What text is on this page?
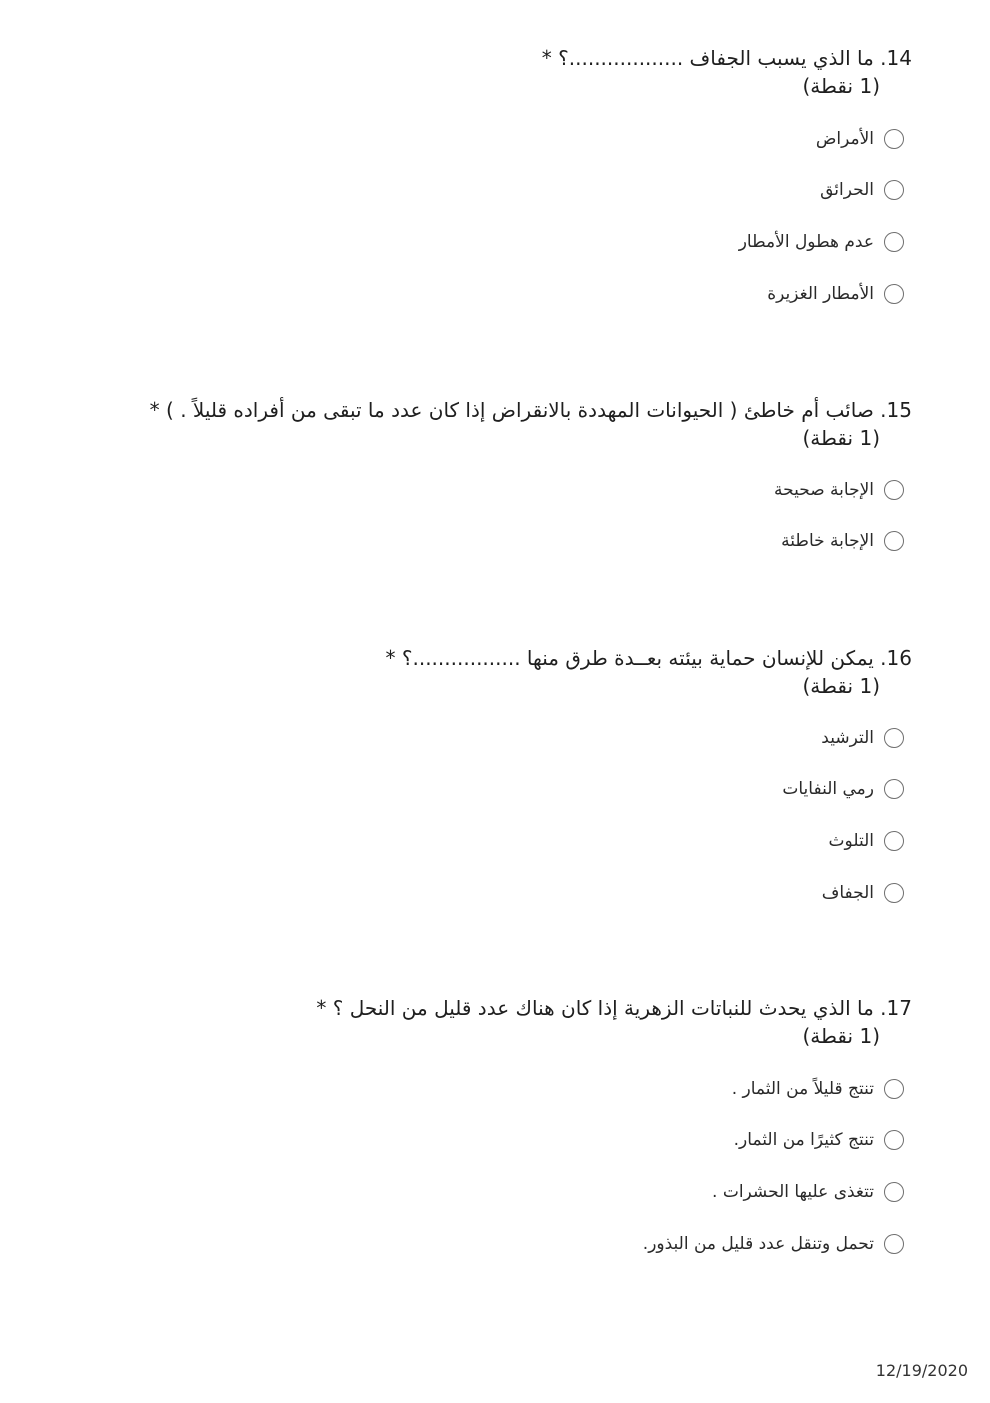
14. ما الذي يسبب الجفاف ..................؟ *
(1 نقطة)
الأمراض
الحرائق
عدم هطول الأمطار
الأمطار الغزيرة
15. صائب أم خاطئ ( الحيوانات المهددة بالانقراض إذا كان عدد ما تبقى من أفراده قليلاً . ) *
(1 نقطة)
الإجابة صحيحة
الإجابة خاطئة
16. يمكن للإنسان حماية بيئته بعــدة طرق منها .................؟ *
(1 نقطة)
الترشيد
رمي النفايات
التلوث
الجفاف
17. ما الذي يحدث للنباتات الزهرية إذا كان هناك عدد قليل من النحل ؟ *
(1 نقطة)
تنتج قليلاً من الثمار .
تنتج كثيرًا من الثمار.
تتغذى عليها الحشرات .
تحمل وتنقل عدد قليل من البذور.
12/19/2020
